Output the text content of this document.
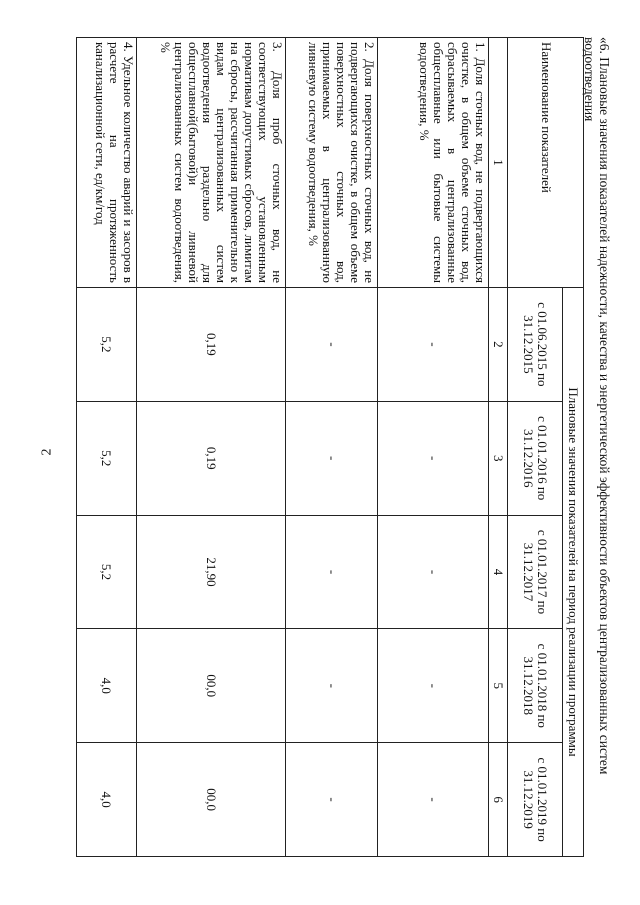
2	«6. Плановые значения показателей надежности, качества и энергетической эффективности объектов централизованных систем водоотведения
Наименование показателей	Плановые значения показателей на период реализации программы				
	с 01.06.2015 по 31.12.2015	с 01.01.2016 по 31.12.2016	с 01.01.2017 по 31.12.2017	с 01.01.2018 по 31.12.2018	с 01.01.2019 по 31.12.2019
1	2	3	4	5	6
1. Доля сточных вод, не подвергающихся очистке, в общем объеме сточных вод, сбрасываемых в централизованные общесплавные или бытовые системы водоотведения, %	-	-	-	-	-
2. Доля поверхностных сточных вод, не подвергающихся очистке, в общем объеме поверхностных сточных вод, принимаемых в централизованную ливневую систему водоотведения, %	-	-	-	-	-
3. Доля проб сточных вод, не соответствующих установленным нормативам допустимых сбросов, лимитам на сбросы, рассчитанная применительно к видам централизованных систем водоотведения раздельно для общесплавной(бытовой)и ливневой централизованных систем водоотведения, %	0,19	0,19	21,90	00,0	00,0
4. Удельное количество аварий и засоров в расчете на протяженность канализационной сети, ед/км/год	5,2	5,2	5,2	4,0	4,0
